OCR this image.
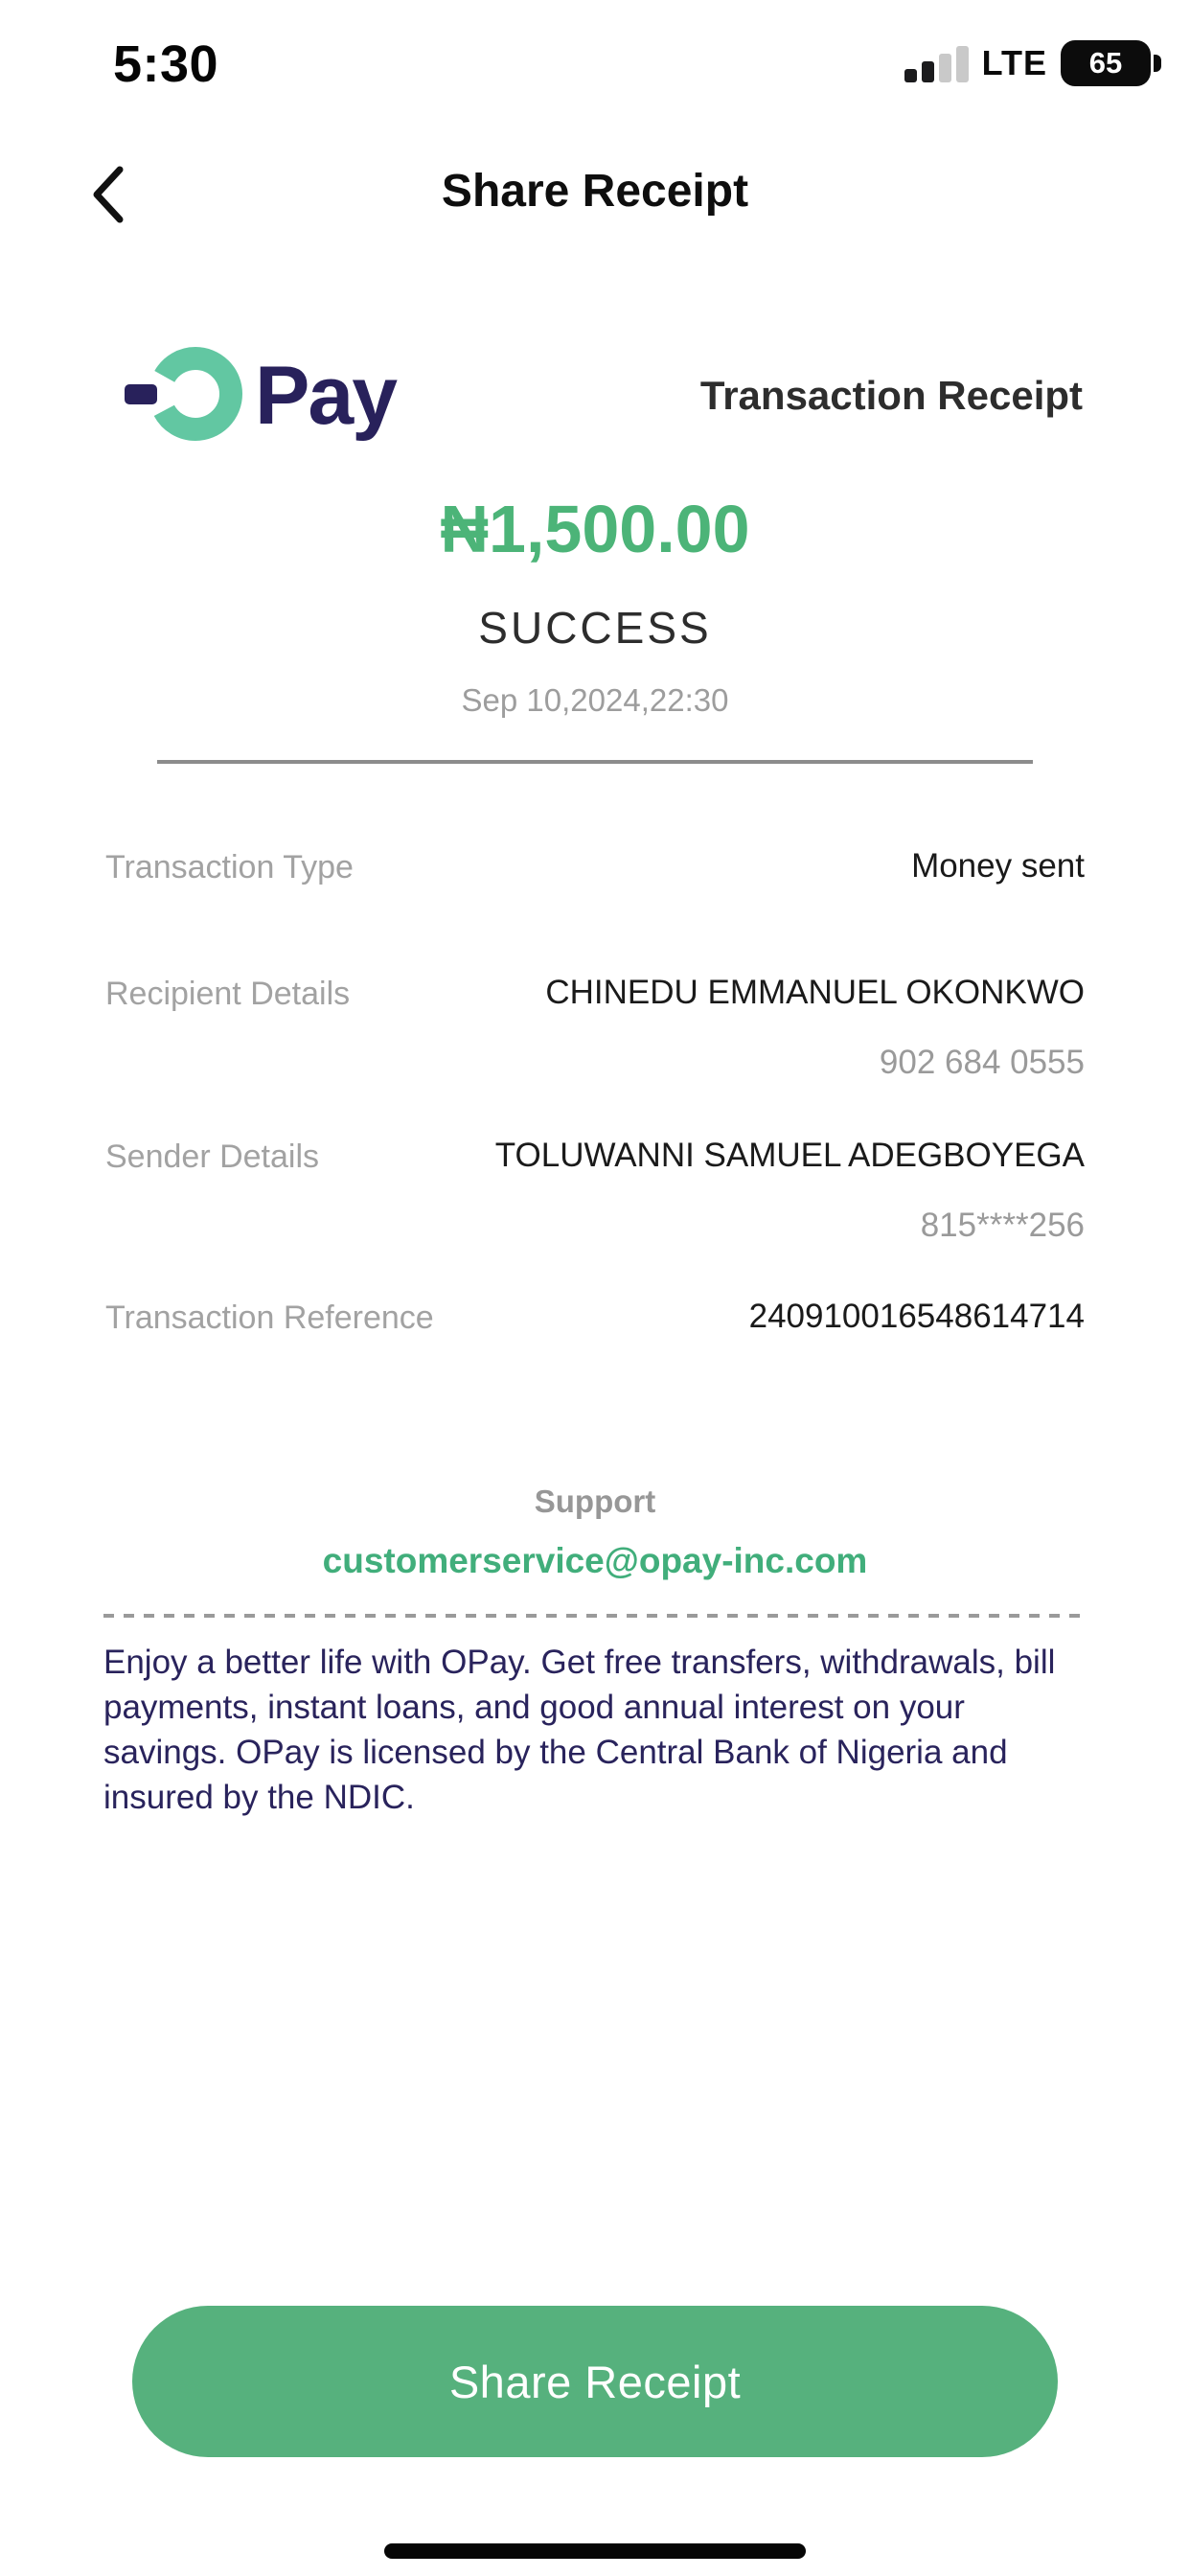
5:30	LTE 65
Share Receipt
Pay	Transaction Receipt
₦1,500.00
SUCCESS
Sep 10,2024,22:30
Transaction Type	Money sent
Recipient Details	CHINEDU EMMANUEL OKONKWO
902 684 0555
Sender Details	TOLUWANNI SAMUEL ADEGBOYEGA
815****256
Transaction Reference	240910016548614714
Support
customerservice@opay-inc.com
Enjoy a better life with OPay. Get free transfers, withdrawals, bill payments, instant loans, and good annual interest on your savings. OPay is licensed by the Central Bank of Nigeria and insured by the NDIC.
Share Receipt
